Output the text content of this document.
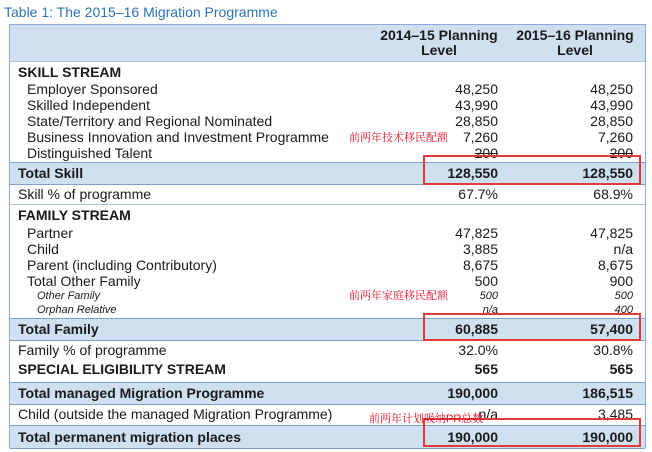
Table 1: The 2015–16 Migration Programme
2014–15 Planning Level
2015–16 Planning Level
SKILL STREAM
Employer Sponsored	48,250	48,250
Skilled Independent	43,990	43,990
State/Territory and Regional Nominated	28,850	28,850
Business Innovation and Investment Programme	7,260	7,260
Distinguished Talent	200	200
Total Skill	128,550	128,550
Skill % of programme	67.7%	68.9%
FAMILY STREAM
Partner	47,825	47,825
Child	3,885	n/a
Parent (including Contributory)	8,675	8,675
Total Other Family	500	900
Other Family	500	500
Orphan Relative	n/a	400
Total Family	60,885	57,400
Family % of programme	32.0%	30.8%
SPECIAL ELIGIBILITY STREAM	565	565
Total managed Migration Programme	190,000	186,515
Child (outside the managed Migration Programme)	n/a	3,485
Total permanent migration places	190,000	190,000
前两年技术移民配额
前两年家庭移民配额
前两年计划吸纳PR总数
